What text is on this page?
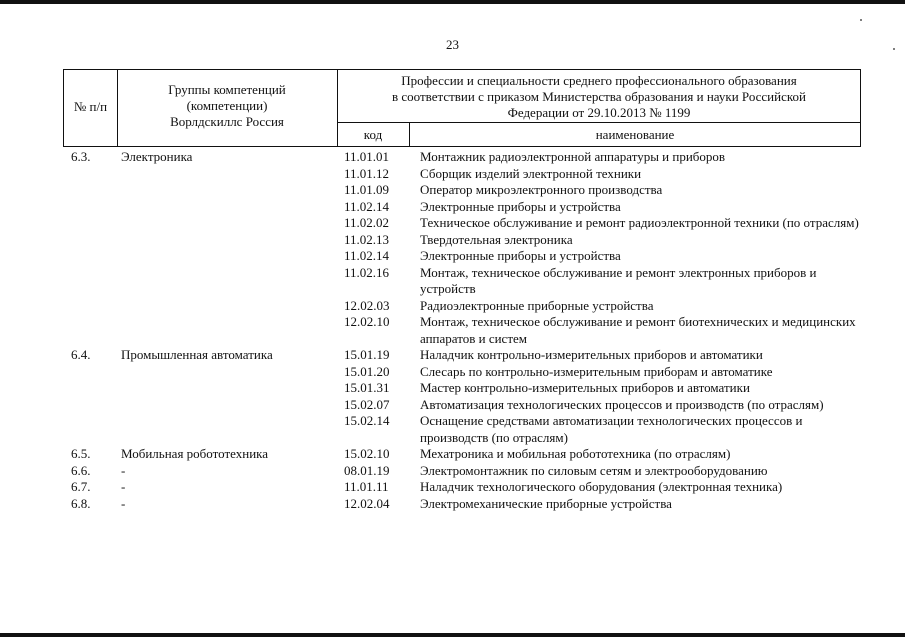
23
№ п/п
Группы компетенций
(компетенции)
Ворлдскиллс Россия
Профессии и специальности среднего профессионального образования
в соответствии с приказом Министерства образования и науки Российской
Федерации от 29.10.2013 № 1199
код	наименование
6.3. Электроника	11.01.01 Монтажник радиоэлектронной аппаратуры и приборов
11.01.12 Сборщик изделий электронной техники
11.01.09 Оператор микроэлектронного производства
11.02.14 Электронные приборы и устройства
11.02.02 Техническое обслуживание и ремонт радиоэлектронной техники (по отраслям)
11.02.13 Твердотельная электроника
11.02.14 Электронные приборы и устройства
11.02.16 Монтаж, техническое обслуживание и ремонт электронных приборов и устройств
12.02.03 Радиоэлектронные приборные устройства
12.02.10 Монтаж, техническое обслуживание и ремонт биотехнических и медицинских аппаратов и систем
6.4. Промышленная автоматика	15.01.19 Наладчик контрольно-измерительных приборов и автоматики
15.01.20 Слесарь по контрольно-измерительным приборам и автоматике
15.01.31 Мастер контрольно-измерительных приборов и автоматики
15.02.07 Автоматизация технологических процессов и производств (по отраслям)
15.02.14 Оснащение средствами автоматизации технологических процессов и производств (по отраслям)
6.5. Мобильная робототехника	15.02.10 Мехатроника и мобильная робототехника (по отраслям)
6.6. -	08.01.19 Электромонтажник по силовым сетям и электрооборудованию
6.7. -	11.01.11 Наладчик технологического оборудования (электронная техника)
6.8. -	12.02.04 Электромеханические приборные устройства
